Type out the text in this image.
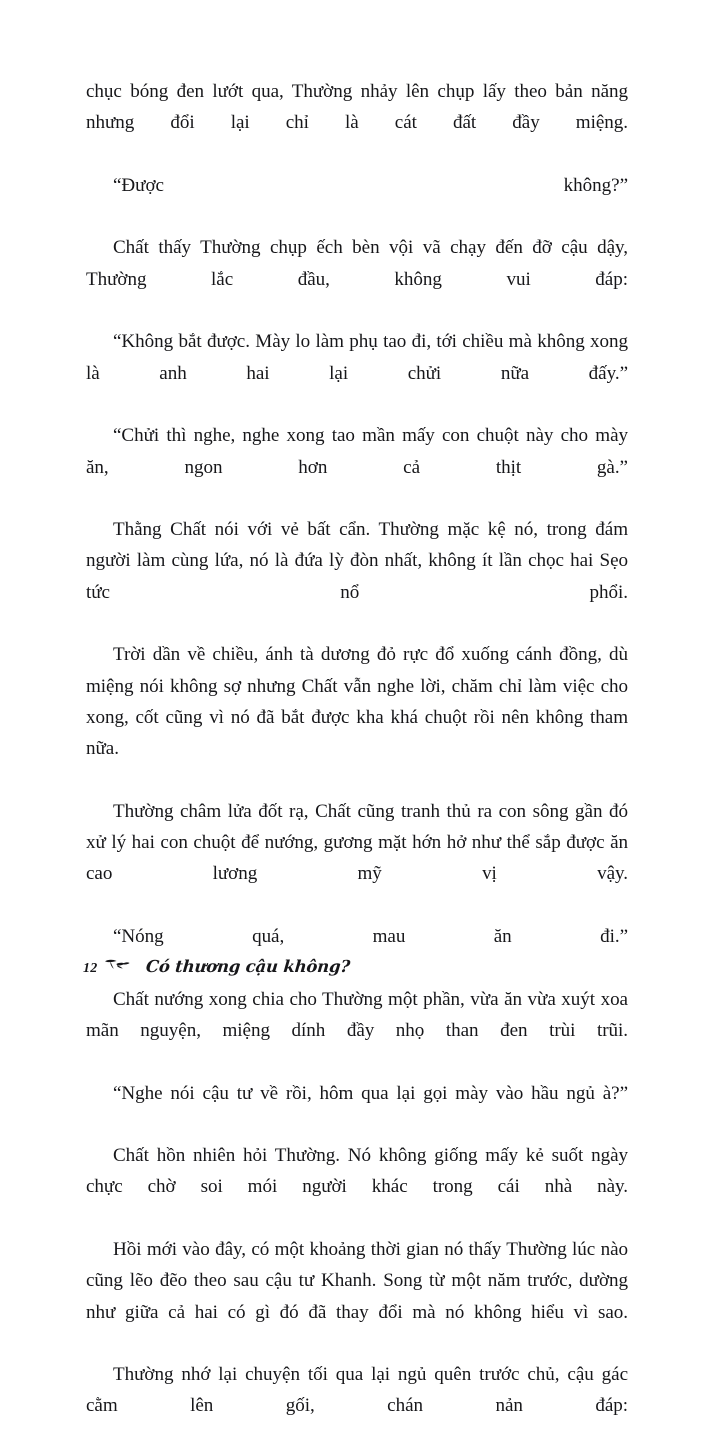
chục bóng đen lướt qua, Thường nhảy lên chụp lấy theo bản năng nhưng đổi lại chỉ là cát đất đầy miệng.

“Được không?”

Chất thấy Thường chụp ếch bèn vội vã chạy đến đỡ cậu dậy, Thường lắc đầu, không vui đáp:

“Không bắt được. Mày lo làm phụ tao đi, tới chiều mà không xong là anh hai lại chửi nữa đấy.”

“Chửi thì nghe, nghe xong tao mần mấy con chuột này cho mày ăn, ngon hơn cả thịt gà.”

Thằng Chất nói với vẻ bất cẩn. Thường mặc kệ nó, trong đám người làm cùng lứa, nó là đứa lỳ đòn nhất, không ít lần chọc hai Sẹo tức nổ phổi.

Trời dần về chiều, ánh tà dương đỏ rực đổ xuống cánh đồng, dù miệng nói không sợ nhưng Chất vẫn nghe lời, chăm chỉ làm việc cho xong, cốt cũng vì nó đã bắt được kha khá chuột rồi nên không tham nữa.

Thường châm lửa đốt rạ, Chất cũng tranh thủ ra con sông gần đó xử lý hai con chuột để nướng, gương mặt hớn hở như thể sắp được ăn cao lương mỹ vị vậy.

“Nóng quá, mau ăn đi.”

Chất nướng xong chia cho Thường một phần, vừa ăn vừa xuýt xoa mãn nguyện, miệng dính đầy nhọ than đen trùi trũi.

“Nghe nói cậu tư về rồi, hôm qua lại gọi mày vào hầu ngủ à?”

Chất hồn nhiên hỏi Thường. Nó không giống mấy kẻ suốt ngày chực chờ soi mói người khác trong cái nhà này.

Hồi mới vào đây, có một khoảng thời gian nó thấy Thường lúc nào cũng lẽo đẽo theo sau cậu tư Khanh. Song từ một năm trước, dường như giữa cả hai có gì đó đã thay đổi mà nó không hiểu vì sao.

Thường nhớ lại chuyện tối qua lại ngủ quên trước chủ, cậu gác cằm lên gối, chán nản đáp:

12	Có thương cậu không?
